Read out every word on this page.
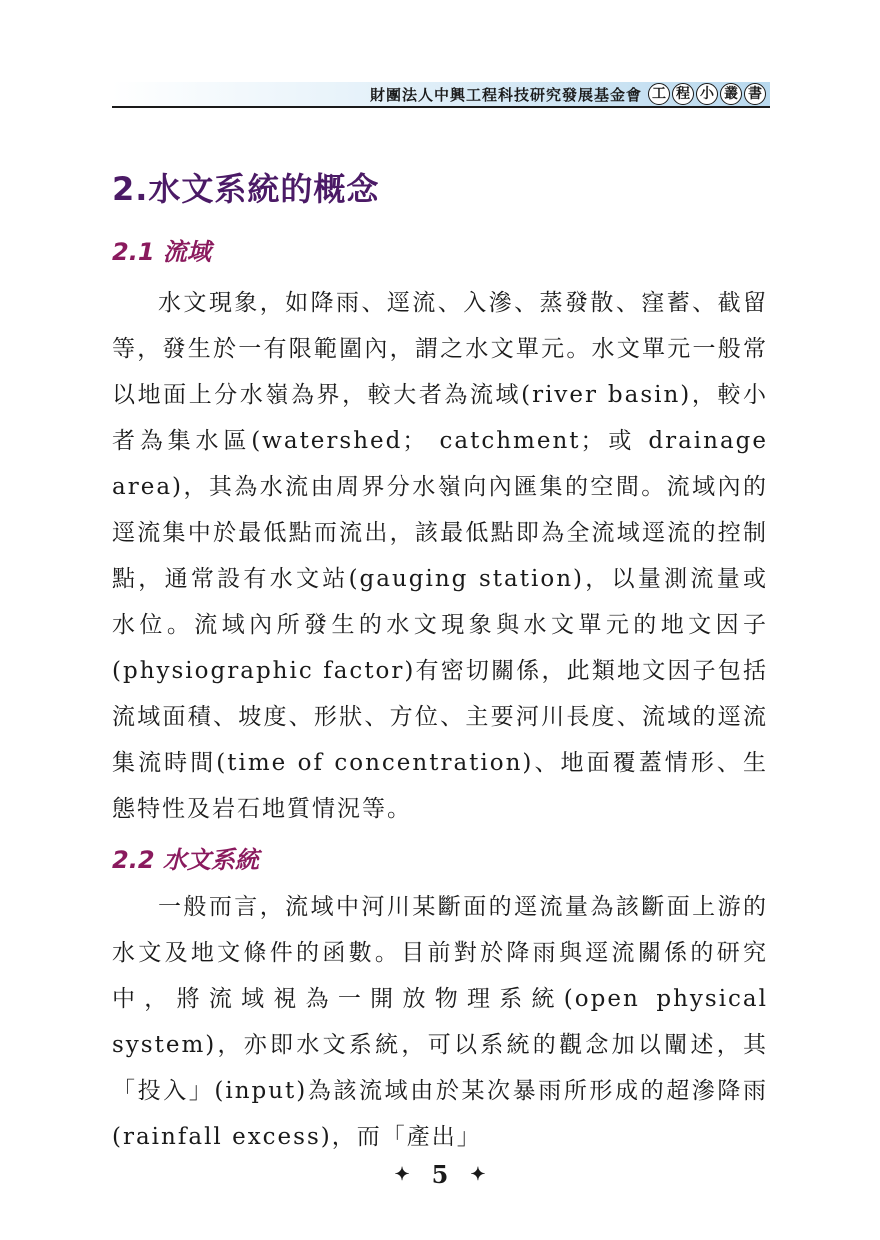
財團法人中興工程科技研究發展基金會 工 程 小 叢 書
2.水文系統的概念
2.1 流域

水文現象，如降雨、逕流、入滲、蒸發散、窪蓄、截留等，發生於一有限範圍內，謂之水文單元。水文單元一般常以地面上分水嶺為界，較大者為流域(river basin)，較小者為集水區(watershed； catchment；或 drainage area)，其為水流由周界分水嶺向內匯集的空間。流域內的逕流集中於最低點而流出，該最低點即為全流域逕流的控制點，通常設有水文站(gauging station)，以量測流量或水位。流域內所發生的水文現象與水文單元的地文因子(physiographic factor)有密切關係，此類地文因子包括流域面積、坡度、形狀、方位、主要河川長度、流域的逕流集流時間(time of concentration)、地面覆蓋情形、生態特性及岩石地質情況等。

2.2 水文系統

一般而言，流域中河川某斷面的逕流量為該斷面上游的水文及地文條件的函數。目前對於降雨與逕流關係的研究中，將流域視為一開放物理系統(open physical system)，亦即水文系統，可以系統的觀念加以闡述，其「投入」(input)為該流域由於某次暴雨所形成的超滲降雨(rainfall excess)，而「產出」

✦ 5 ✦
